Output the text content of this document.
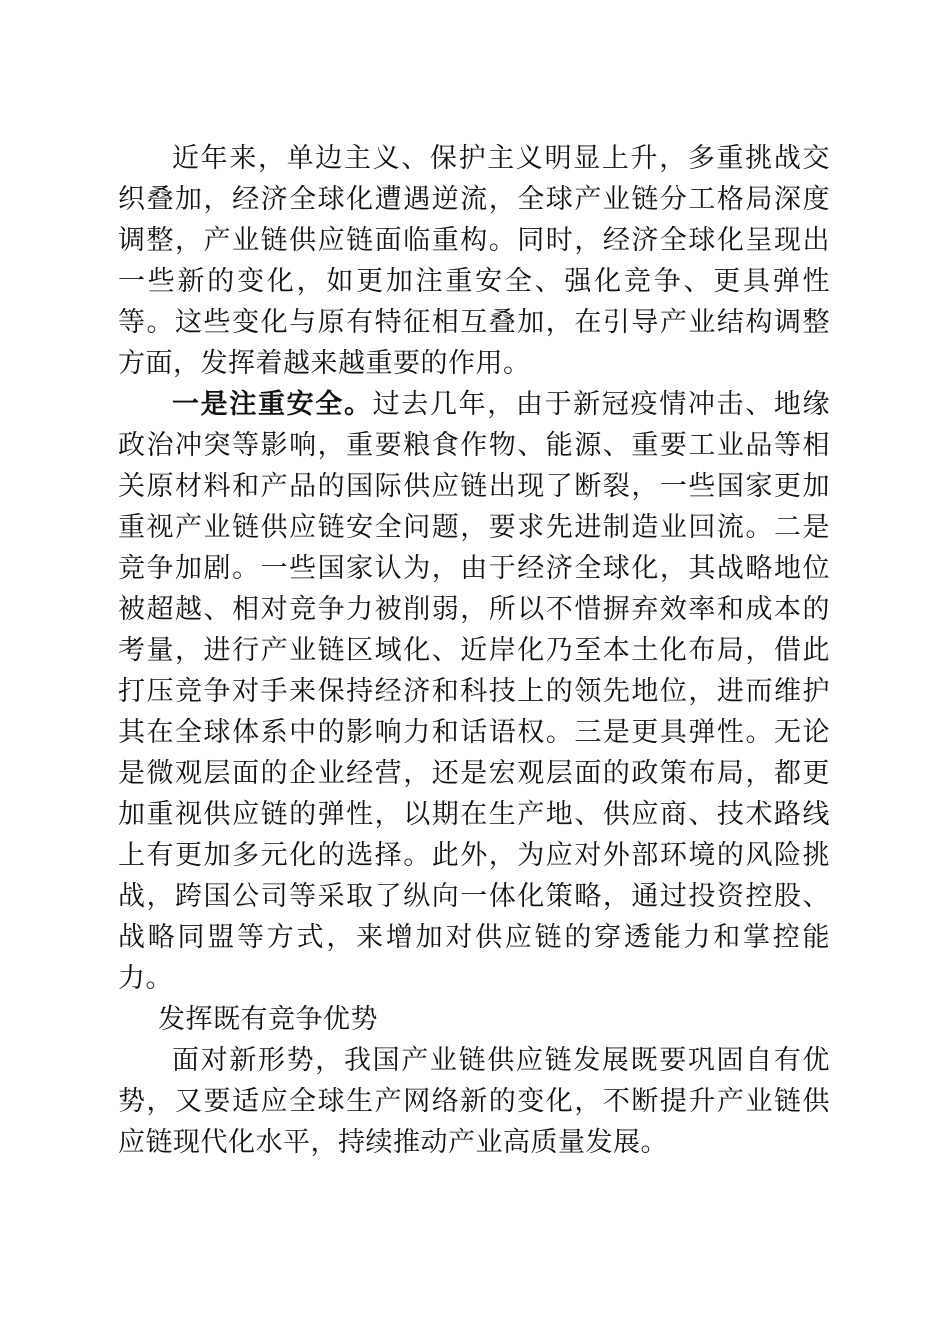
近年来，单边主义、保护主义明显上升，多重挑战交织叠加，经济全球化遭遇逆流，全球产业链分工格局深度调整，产业链供应链面临重构。同时，经济全球化呈现出一些新的变化，如更加注重安全、强化竞争、更具弹性等。这些变化与原有特征相互叠加，在引导产业结构调整方面，发挥着越来越重要的作用。

一是注重安全。过去几年，由于新冠疫情冲击、地缘政治冲突等影响，重要粮食作物、能源、重要工业品等相关原材料和产品的国际供应链出现了断裂，一些国家更加重视产业链供应链安全问题，要求先进制造业回流。二是竞争加剧。一些国家认为，由于经济全球化，其战略地位被超越、相对竞争力被削弱，所以不惜摒弃效率和成本的考量，进行产业链区域化、近岸化乃至本土化布局，借此打压竞争对手来保持经济和科技上的领先地位，进而维护其在全球体系中的影响力和话语权。三是更具弹性。无论是微观层面的企业经营，还是宏观层面的政策布局，都更加重视供应链的弹性，以期在生产地、供应商、技术路线上有更加多元化的选择。此外，为应对外部环境的风险挑战，跨国公司等采取了纵向一体化策略，通过投资控股、战略同盟等方式，来增加对供应链的穿透能力和掌控能力。

发挥既有竞争优势

面对新形势，我国产业链供应链发展既要巩固自有优势，又要适应全球生产网络新的变化，不断提升产业链供应链现代化水平，持续推动产业高质量发展。
